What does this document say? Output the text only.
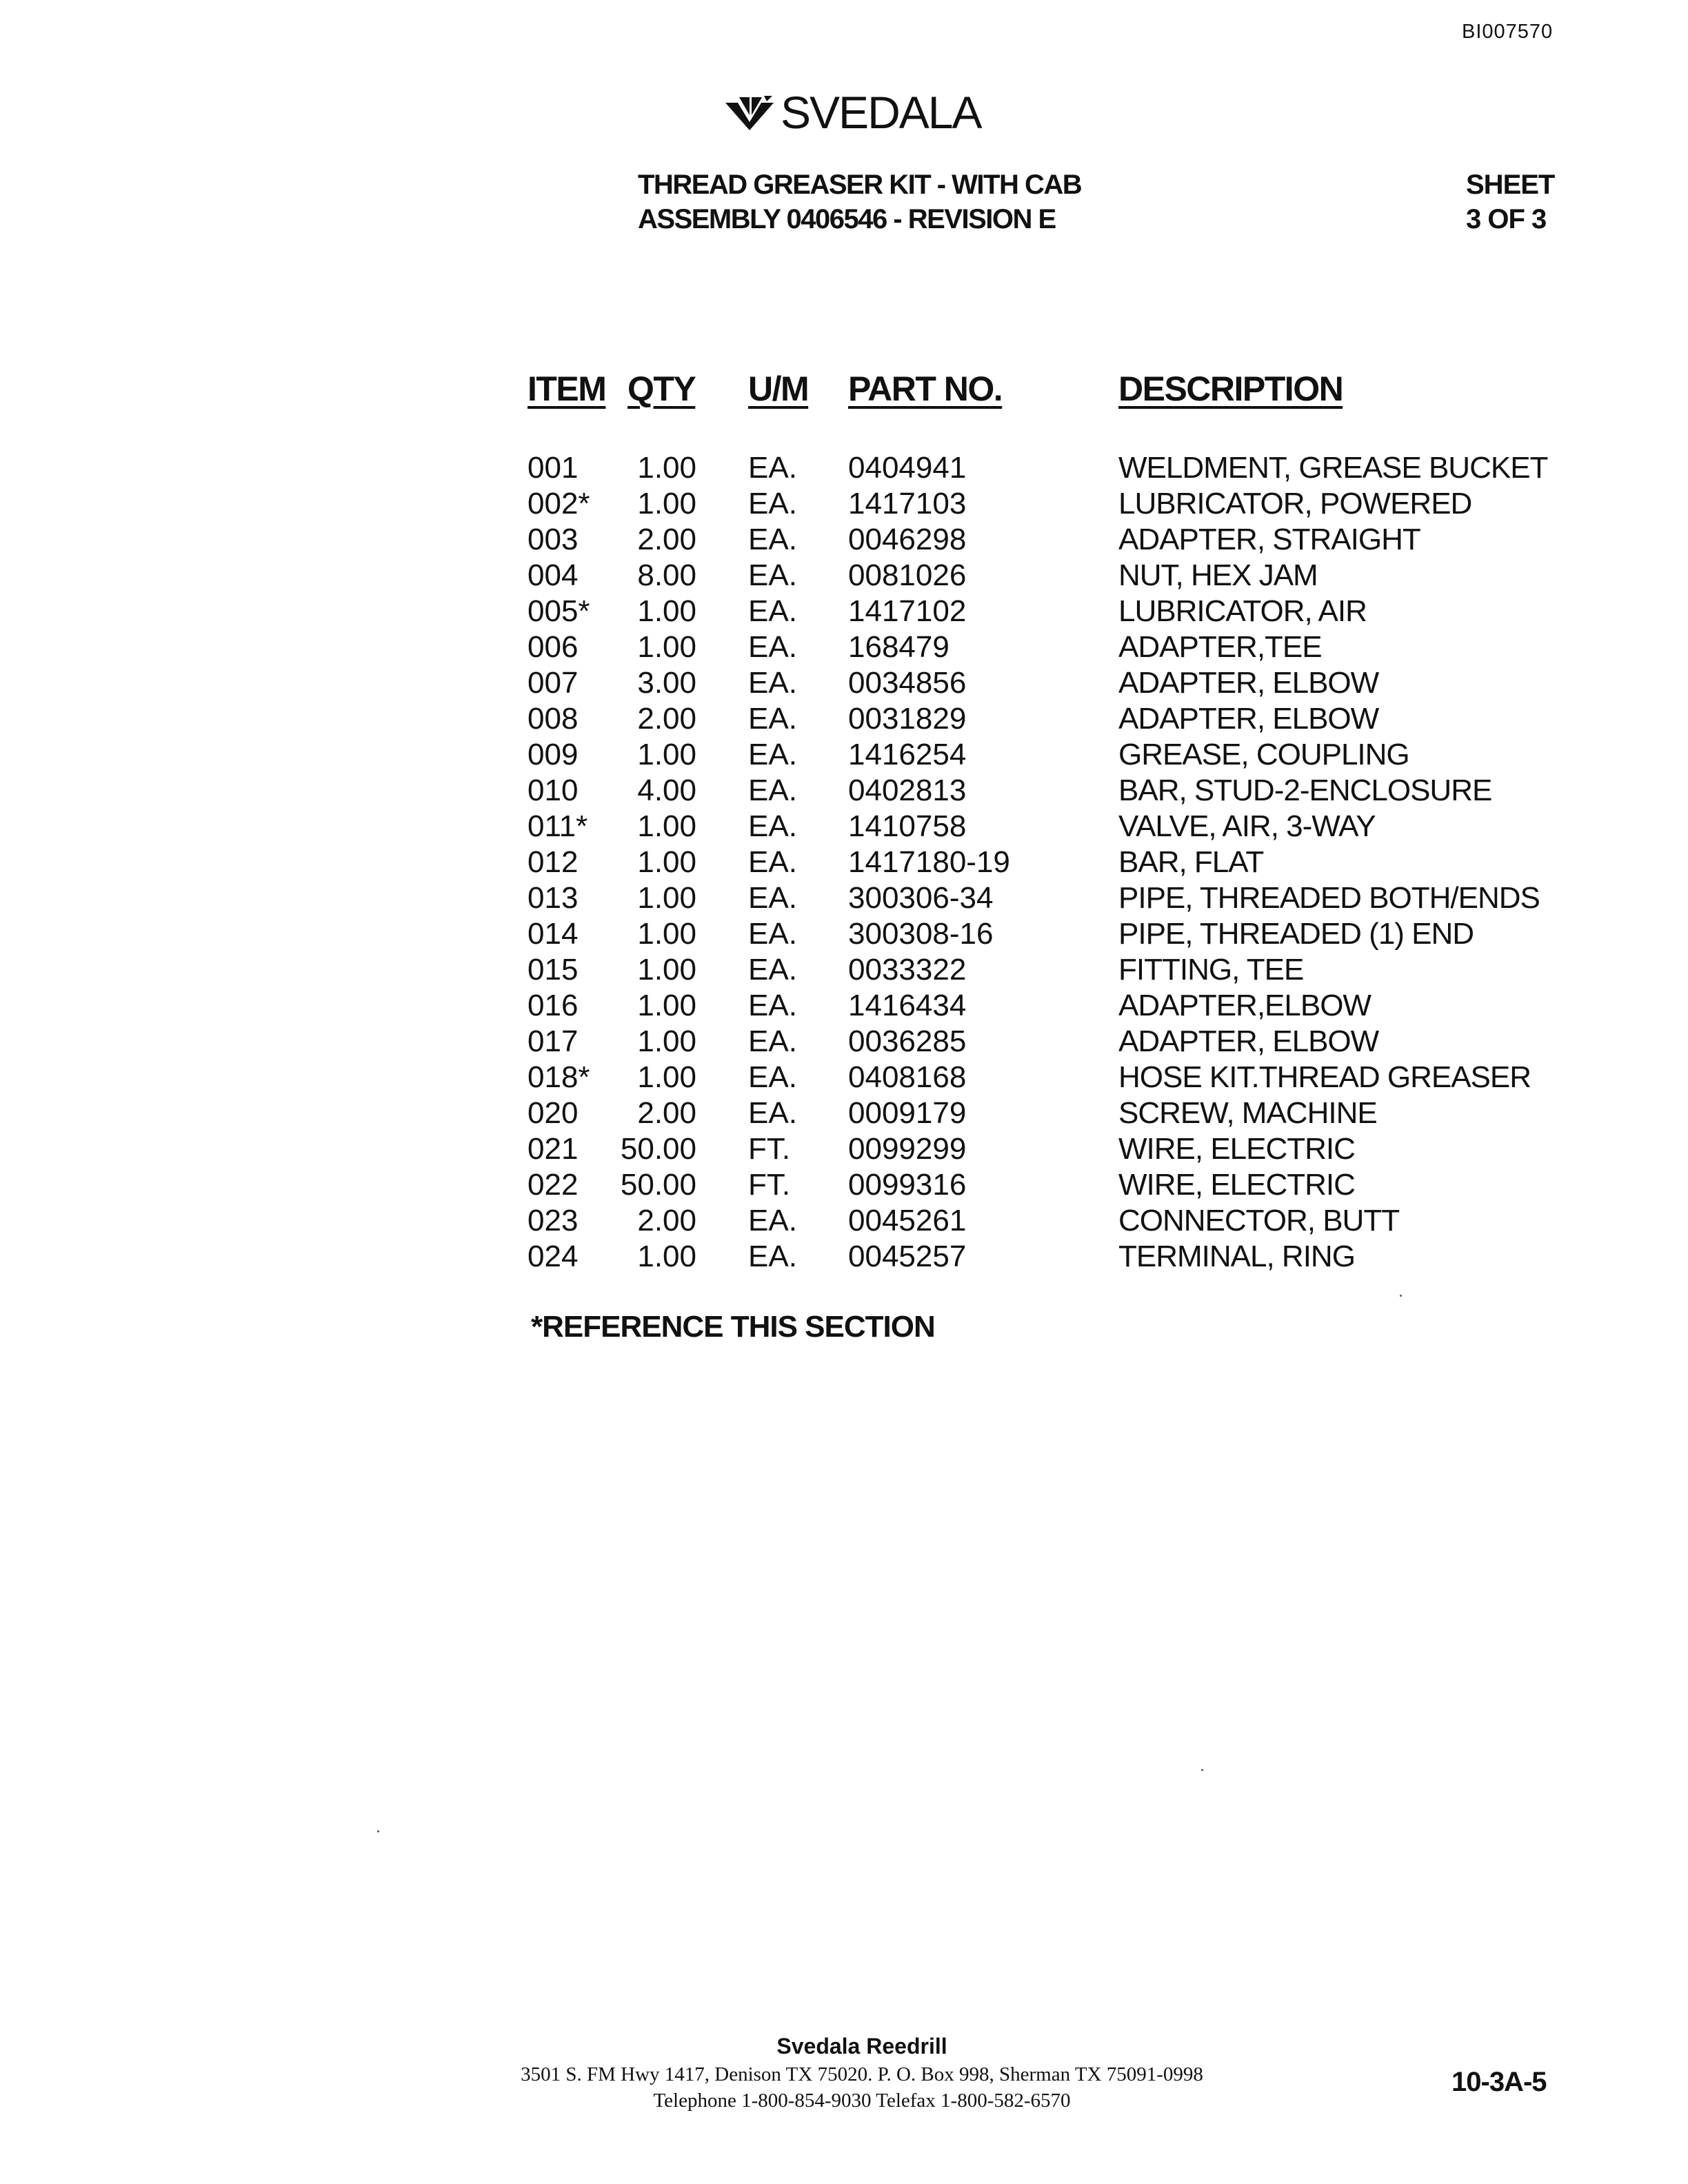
BI007570
SVEDALA
THREAD GREASER KIT - WITH CAB
ASSEMBLY 0406546 - REVISION E
SHEET
3 OF 3
ITEM QTY U/M PART NO.	DESCRIPTION
001	1.00 EA. 0404941	WELDMENT, GREASE BUCKET
002*	1.00 EA. 1417103	LUBRICATOR, POWERED
003	2.00 EA. 0046298	ADAPTER, STRAIGHT
004	8.00 EA. 0081026	NUT, HEX JAM
005*	1.00 EA. 1417102	LUBRICATOR, AIR
006	1.00 EA. 168479	ADAPTER,TEE
007	3.00 EA. 0034856	ADAPTER, ELBOW
008	2.00 EA. 0031829	ADAPTER, ELBOW
009	1.00 EA. 1416254	GREASE, COUPLING
010	4.00 EA. 0402813	BAR, STUD-2-ENCLOSURE
011*	1.00 EA. 1410758	VALVE, AIR, 3-WAY
012	1.00 EA. 1417180-19	BAR, FLAT
013	1.00 EA. 300306-34	PIPE, THREADED BOTH/ENDS
014	1.00 EA. 300308-16	PIPE, THREADED (1) END
015	1.00 EA. 0033322	FITTING, TEE
016	1.00 EA. 1416434	ADAPTER,ELBOW
017	1.00 EA. 0036285	ADAPTER, ELBOW
018*	1.00 EA. 0408168	HOSE KIT.THREAD GREASER
020	2.00 EA. 0009179	SCREW, MACHINE
021	50.00 FT. 0099299	WIRE, ELECTRIC
022	50.00 FT. 0099316	WIRE, ELECTRIC
023	2.00 EA. 0045261	CONNECTOR, BUTT
024	1.00 EA. 0045257	TERMINAL, RING
*REFERENCE THIS SECTION
Svedala Reedrill
3501 S. FM Hwy 1417, Denison TX 75020. P. O. Box 998, Sherman TX 75091-0998
Telephone 1-800-854-9030 Telefax 1-800-582-6570
10-3A-5
